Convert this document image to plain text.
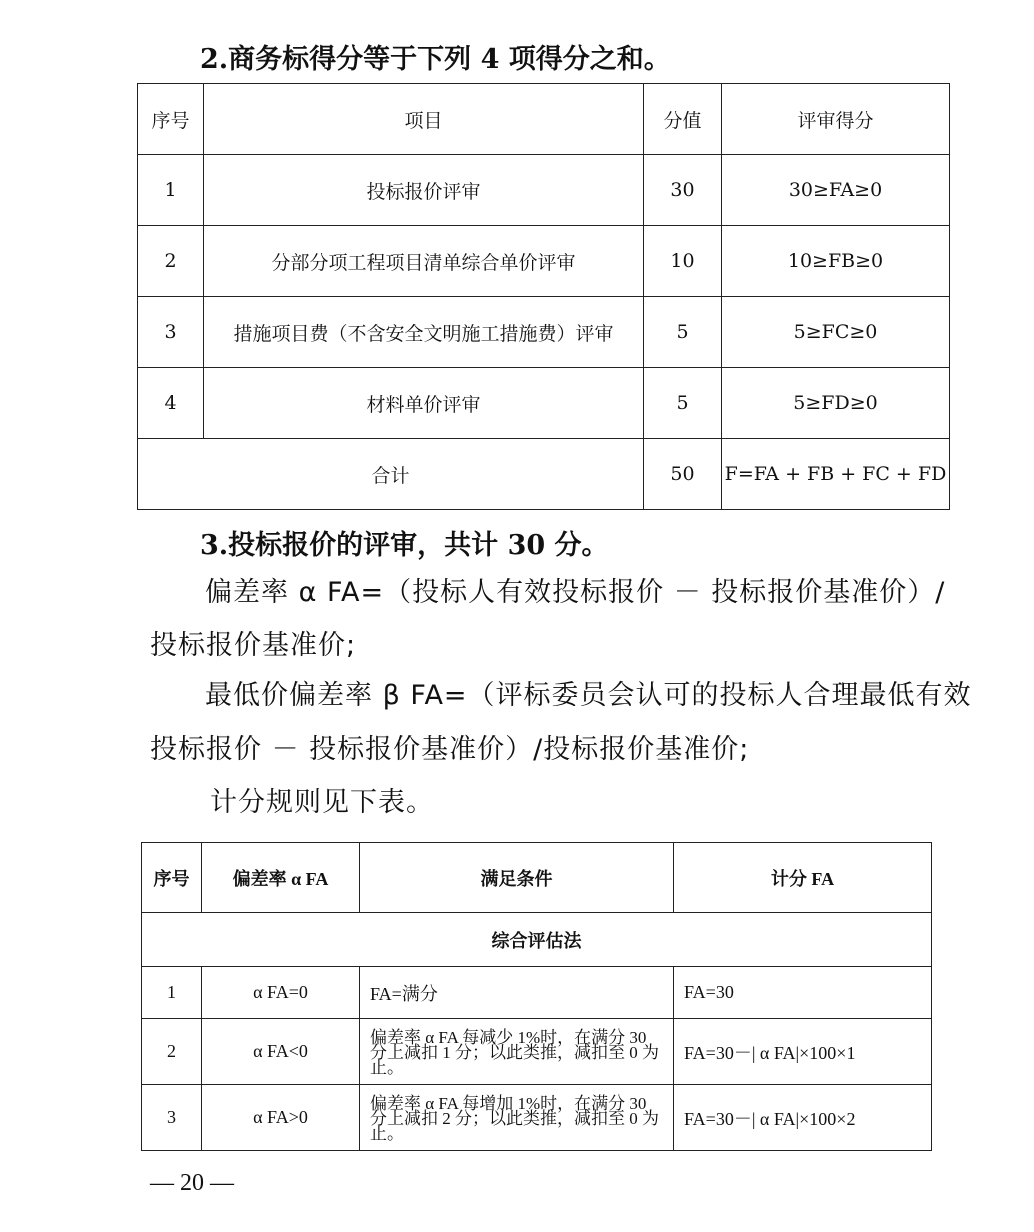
2.商务标得分等于下列 4 项得分之和。
序号	项目	分值	评审得分
1	投标报价评审	30	30≥FA≥0
2	分部分项工程项目清单综合单价评审	10	10≥FB≥0
3	措施项目费（不含安全文明施工措施费）评审	5	5≥FC≥0
4	材料单价评审	5	5≥FD≥0
合计		50	F=FA + FB + FC + FD
3.投标报价的评审，共计 30 分。
偏差率 α FA=（投标人有效投标报价 － 投标报价基准价）/
投标报价基准价;
最低价偏差率 β FA=（评标委员会认可的投标人合理最低有效
投标报价 － 投标报价基准价）/投标报价基准价;
计分规则见下表。
序号	偏差率 α FA	满足条件	计分 FA
综合评估法			
1	α FA=0	FA=满分	FA=30
2	α FA<0	偏差率 α FA 每减少 1%时，在满分 30 分上减扣 1 分；以此类推，减扣至 0 为止。	FA=30－| α FA|×100×1
3	α FA>0	偏差率 α FA 每增加 1%时，在满分 30 分上减扣 2 分；以此类推，减扣至 0 为止。	FA=30－| α FA|×100×2
— 20 —
